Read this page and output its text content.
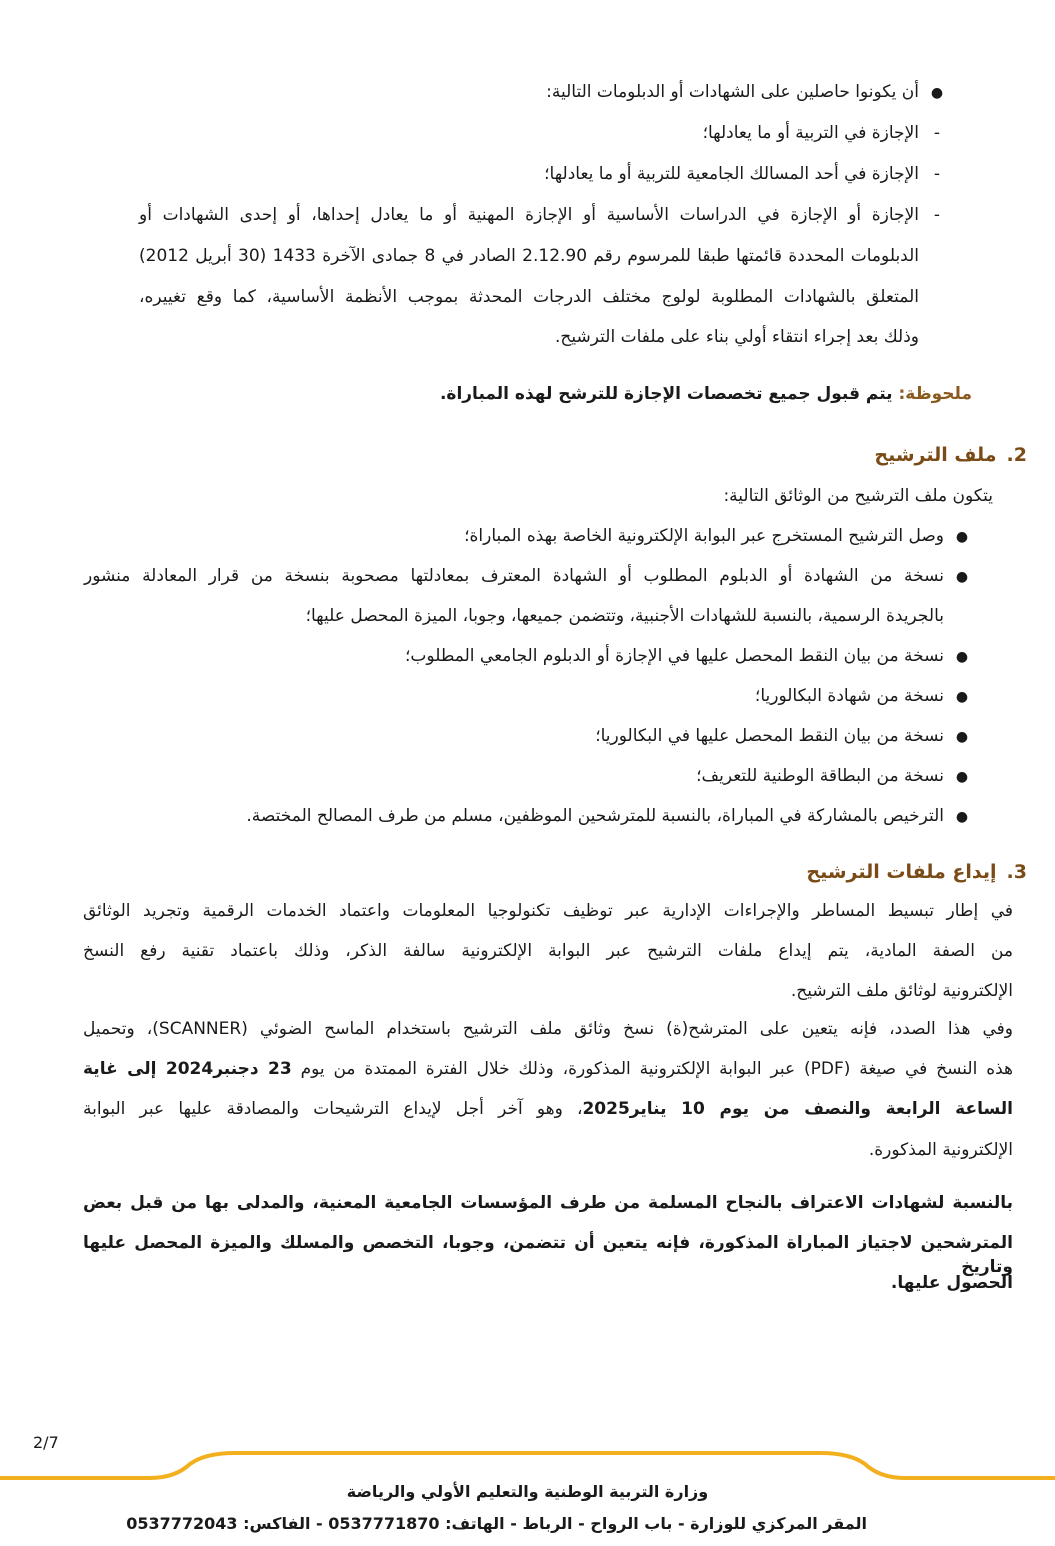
●أن يكونوا حاصلين على الشهادات أو الدبلومات التالية:
-الإجازة في التربية أو ما يعادلها؛
-الإجازة في أحد المسالك الجامعية للتربية أو ما يعادلها؛
-
الإجازة أو الإجازة في الدراسات الأساسية أو الإجازة المهنية أو ما يعادل إحداها، أو إحدى الشهادات أو
الدبلومات المحددة قائمتها طبقا للمرسوم رقم 2.12.90 الصادر في 8 جمادى الآخرة 1433 (30 أبريل 2012)
المتعلق بالشهادات المطلوبة لولوج مختلف الدرجات المحدثة بموجب الأنظمة الأساسية، كما وقع تغييره،
وذلك بعد إجراء انتقاء أولي بناء على ملفات الترشيح.
ملحوظة: يتم قبول جميع تخصصات الإجازة للترشح لهذه المباراة.
2.ملف الترشيح
يتكون ملف الترشيح من الوثائق التالية:
●وصل الترشيح المستخرج عبر البوابة الإلكترونية الخاصة بهذه المباراة؛
●
نسخة من الشهادة أو الدبلوم المطلوب أو الشهادة المعترف بمعادلتها مصحوبة بنسخة من قرار المعادلة منشور
بالجريدة الرسمية، بالنسبة للشهادات الأجنبية، وتتضمن جميعها، وجوبا، الميزة المحصل عليها؛
●نسخة من بيان النقط المحصل عليها في الإجازة أو الدبلوم الجامعي المطلوب؛
●نسخة من شهادة البكالوريا؛
●نسخة من بيان النقط المحصل عليها في البكالوريا؛
●نسخة من البطاقة الوطنية للتعريف؛
●الترخيص بالمشاركة في المباراة، بالنسبة للمترشحين الموظفين، مسلم من طرف المصالح المختصة.
3.إيداع ملفات الترشيح
في إطار تبسيط المساطر والإجراءات الإدارية عبر توظيف تكنولوجيا المعلومات واعتماد الخدمات الرقمية وتجريد الوثائق
من الصفة المادية، يتم إيداع ملفات الترشيح عبر البوابة الإلكترونية سالفة الذكر، وذلك باعتماد تقنية رفع النسخ
الإلكترونية لوثائق ملف الترشيح.
وفي هذا الصدد، فإنه يتعين على المترشح(ة) نسخ وثائق ملف الترشيح باستخدام الماسح الضوئي (SCANNER)، وتحميل
هذه النسخ في صيغة (PDF) عبر البوابة الإلكترونية المذكورة، وذلك خلال الفترة الممتدة من يوم 23 دجنبر2024 إلى غاية
الساعة الرابعة والنصف من يوم 10 يناير2025، وهو آخر أجل لإيداع الترشيحات والمصادقة عليها عبر البوابة
الإلكترونية المذكورة.
بالنسبة لشهادات الاعتراف بالنجاح المسلمة من طرف المؤسسات الجامعية المعنية، والمدلى بها من قبل بعض
المترشحين لاجتياز المباراة المذكورة، فإنه يتعين أن تتضمن، وجوبا، التخصص والمسلك والميزة المحصل عليها وتاريخ
الحصول عليها.
2/7
وزارة التربية الوطنية والتعليم الأولي والرياضة
المقر المركزي للوزارة - باب الرواح - الرباط - الهاتف: 0537771870 - الفاكس: 0537772043
